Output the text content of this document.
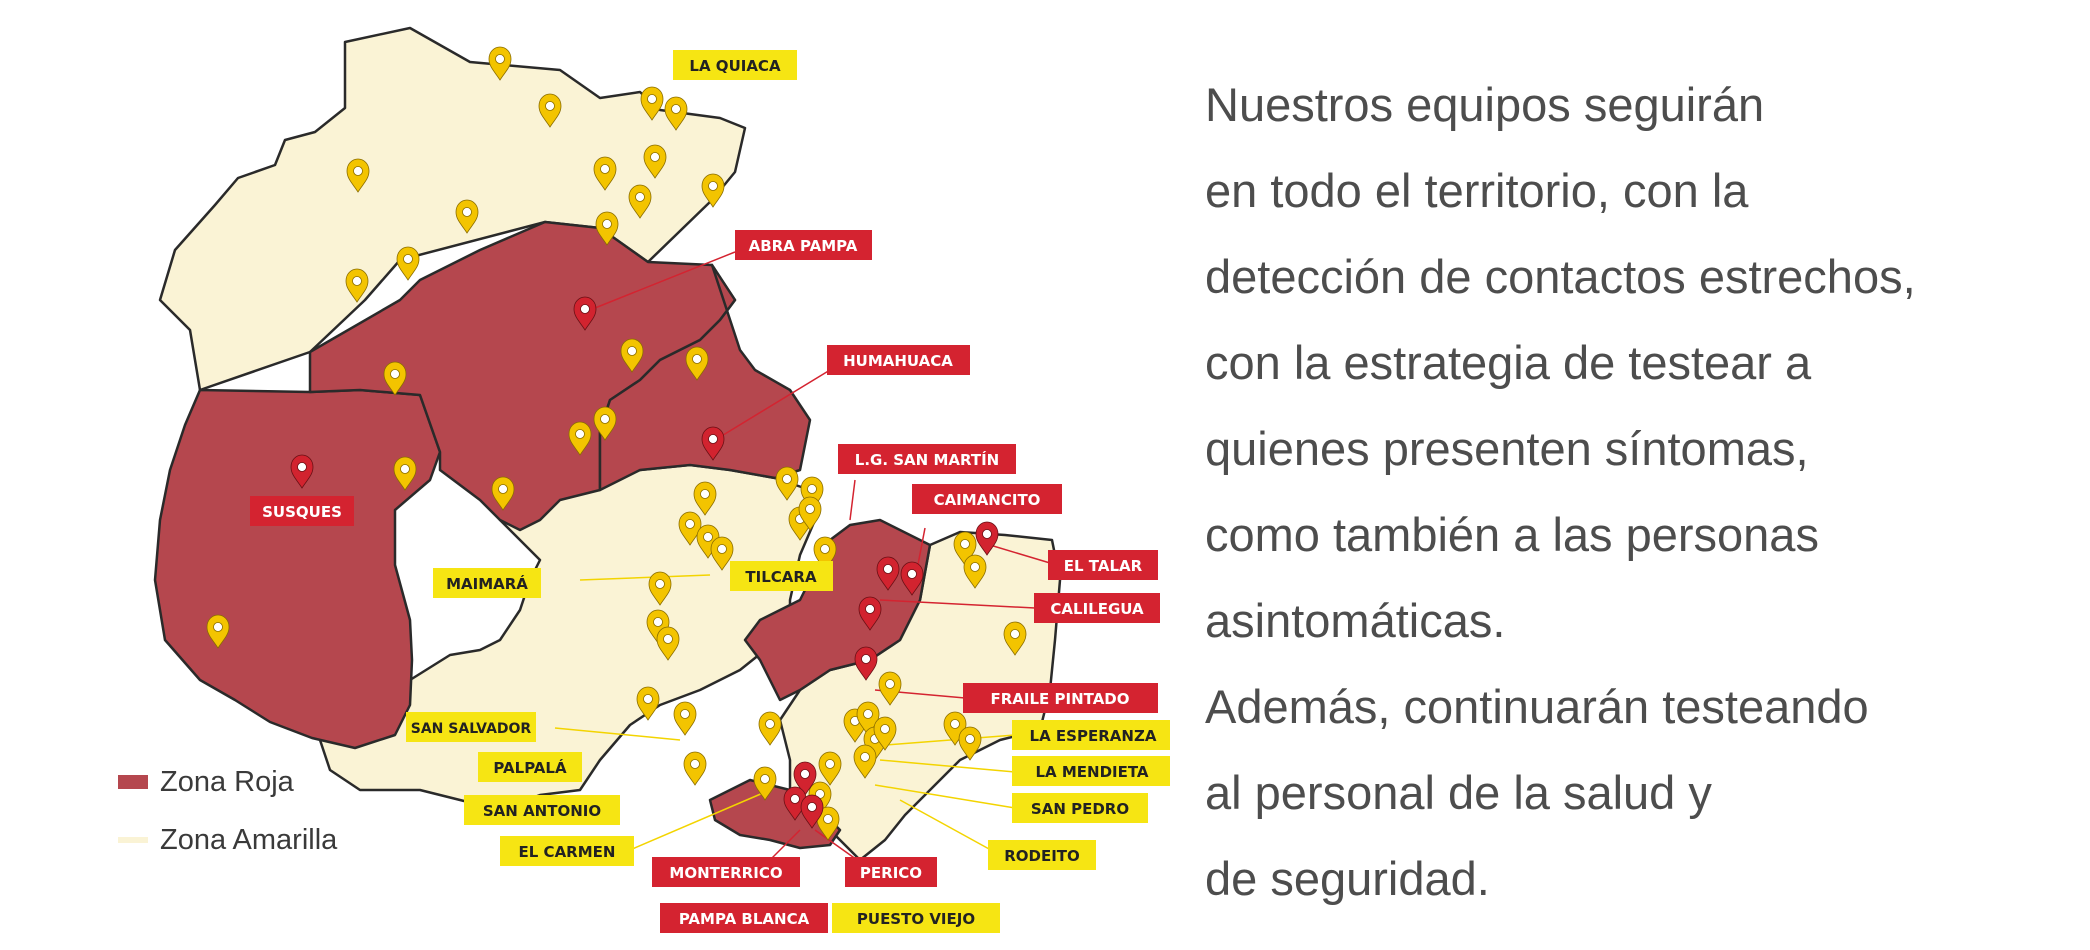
LA QUIACA
ABRA PAMPA
HUMAHUACA
SUSQUES
L.G. SAN MARTÍN
CAIMANCITO
EL TALAR
CALILEGUA
TILCARA
MAIMARÁ
FRAILE PINTADO
LA ESPERANZA
LA MENDIETA
SAN PEDRO
RODEITO
SAN SALVADOR
PALPALÁ
SAN ANTONIO
EL CARMEN
MONTERRICO	PERICO
PAMPA BLANCA	PUESTO VIEJO
Zona Roja
Zona Amarilla
Nuestros equipos seguirán
en todo el territorio, con la
detección de contactos estrechos,
con la estrategia de testear a
quienes presenten síntomas,
como también a las personas
asintomáticas.
Además, continuarán testeando
al personal de la salud y
de seguridad.
